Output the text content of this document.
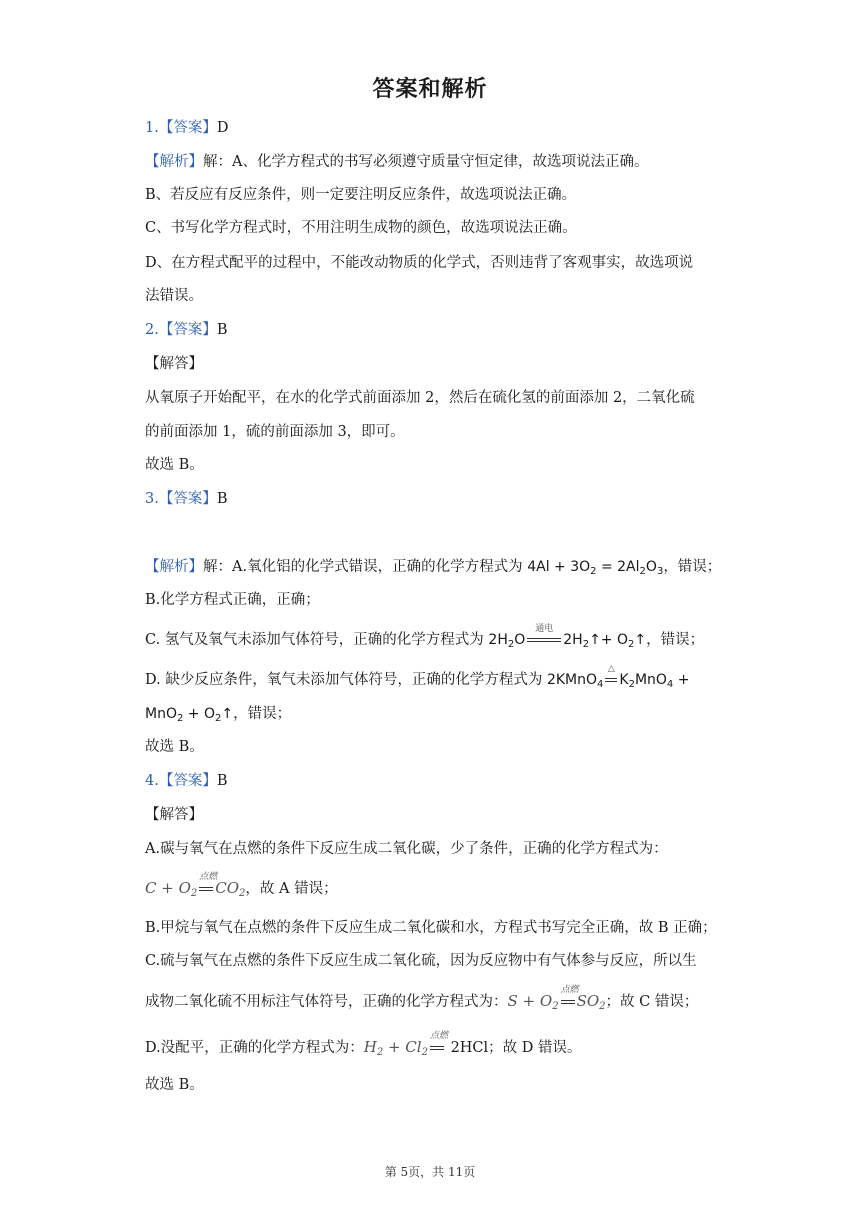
答案和解析
1.【答案】D
【解析】解：A、化学方程式的书写必须遵守质量守恒定律，故选项说法正确。
B、若反应有反应条件，则一定要注明反应条件，故选项说法正确。
C、书写化学方程式时，不用注明生成物的颜色，故选项说法正确。
D、在方程式配平的过程中，不能改动物质的化学式，否则违背了客观事实，故选项说
法错误。
2.【答案】B
【解答】
从氧原子开始配平，在水的化学式前面添加 2，然后在硫化氢的前面添加 2，二氧化硫
的前面添加 1，硫的前面添加 3，即可。
故选 B。
3.【答案】B
【解析】解：A.氧化铝的化学式错误，正确的化学方程式为 $4Al + 3O_2 = 2Al_2O_3$，错误；
B.化学方程式正确，正确；
C. 氢气及氧气未添加气体符号，正确的化学方程式为 $2H_2O$
通电
$2H_2↑+$ $O_2↑$，错误；
D. 缺少反应条件，氧气未添加气体符号，正确的化学方程式为 2KMnO$_4$
△
$K_2MnO_4$ +
$MnO_2 + O_2↑$，错误；
故选 B。
4.【答案】B
【解答】
A.碳与氧气在点燃的条件下反应生成二氧化碳，少了条件，正确的化学方程式为：
$C + O_2$
点燃
$CO_2$，故 A 错误；
B.甲烷与氧气在点燃的条件下反应生成二氧化碳和水，方程式书写完全正确，故 B 正确；
C.硫与氧气在点燃的条件下反应生成二氧化硫，因为反应物中有气体参与反应，所以生
成物二氧化硫不用标注气体符号，正确的化学方程式为：$S + O_2$
点燃
$SO_2$；故 C 错误；
D.没配平，正确的化学方程式为：$H_2 + Cl_2$
点燃
2HCl；故 D 错误。
故选 B。
第 5页，共 11页
